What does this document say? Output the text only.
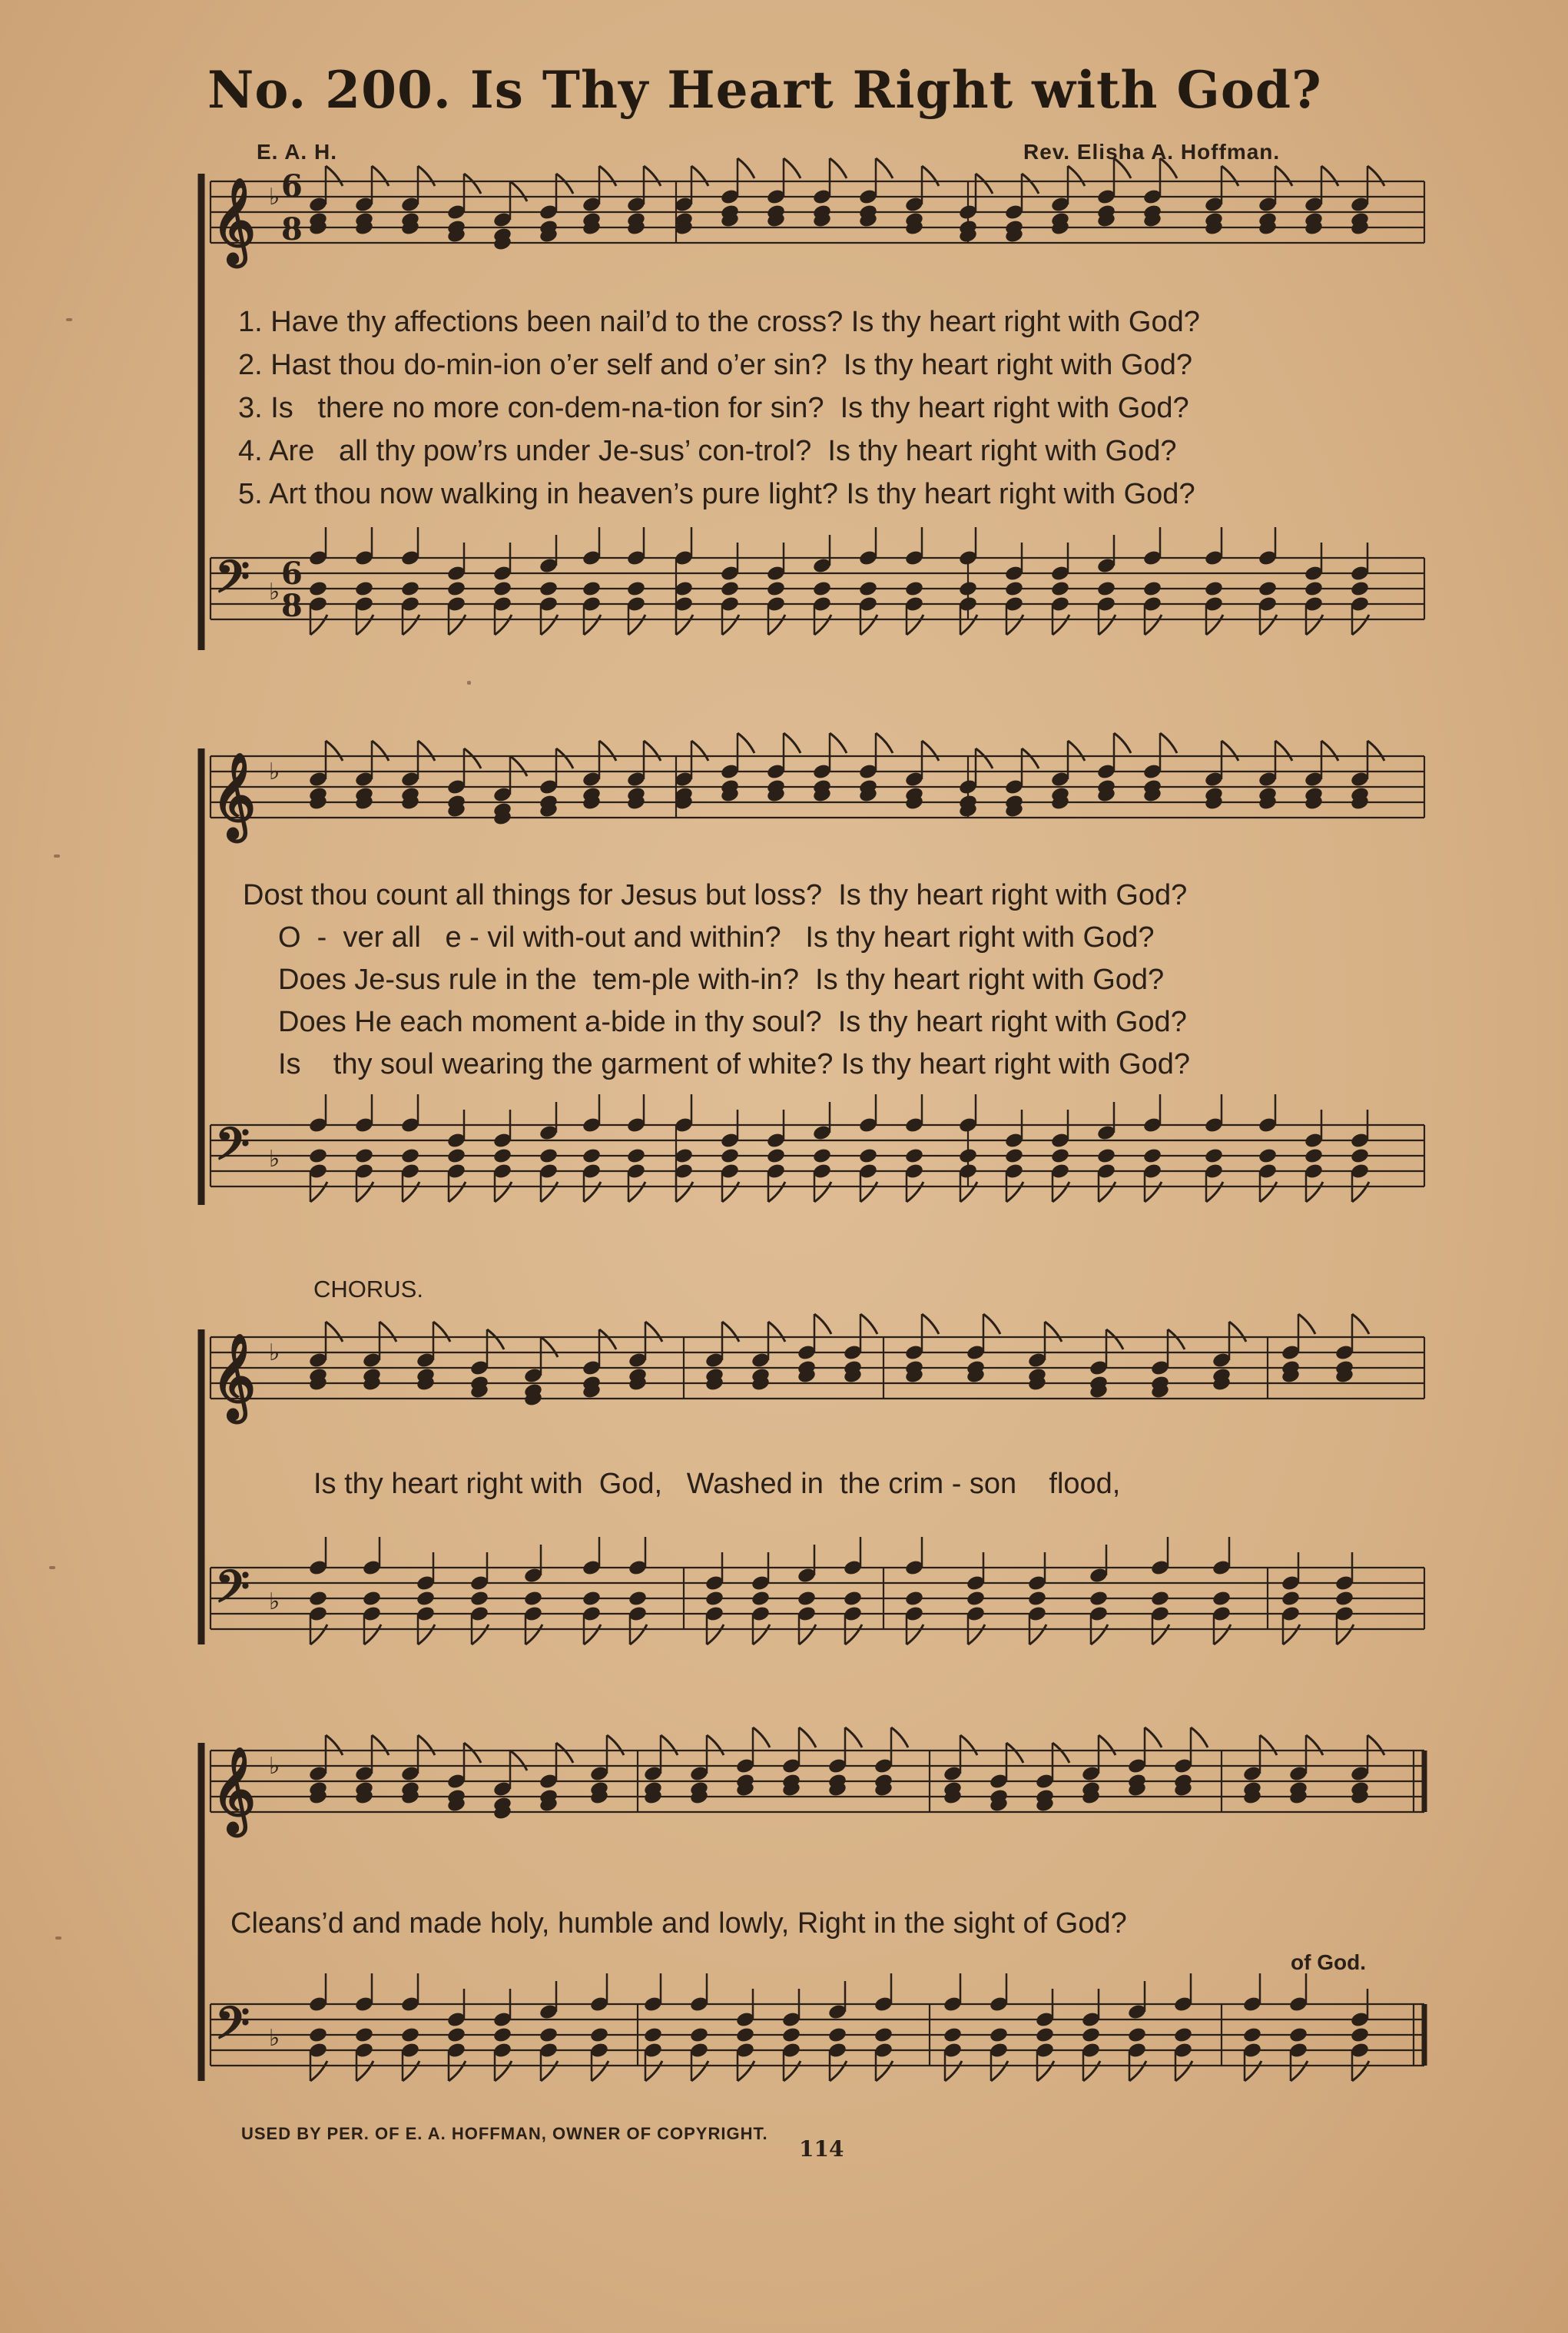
No. 200. Is Thy Heart Right with God?
E. A. H.	Rev. Elisha A. Hoffman.
𝄞 ♭ 6
8
𝄢 ♭
6
8
1. Have thy affections been nail’d to the cross? Is thy heart right with God?
2. Hast thou do-min-ion o’er self and o’er sin?  Is thy heart right with God?
3. Is   there no more con-dem-na-tion for sin?  Is thy heart right with God?
4. Are   all thy pow’rs under Je-sus’ con-trol?  Is thy heart right with God?
5. Art thou now walking in heaven’s pure light? Is thy heart right with God?
𝄞 ♭
𝄢 ♭
Dost thou count all things for Jesus but loss?  Is thy heart right with God?
O  -  ver all   e - vil with-out and within?   Is thy heart right with God?
Does Je-sus rule in the  tem-ple with-in?  Is thy heart right with God?
Does He each moment a-bide in thy soul?  Is thy heart right with God?
Is    thy soul wearing the garment of white? Is thy heart right with God?
CHORUS.
𝄞 ♭
𝄢 ♭
Is thy heart right with  God,   Washed in  the crim - son    flood,
𝄞 ♭
𝄢 ♭
Cleans’d and made holy, humble and lowly, Right in the sight of God?
of God.
USED BY PER. OF E. A. HOFFMAN, OWNER OF COPYRIGHT.
114
